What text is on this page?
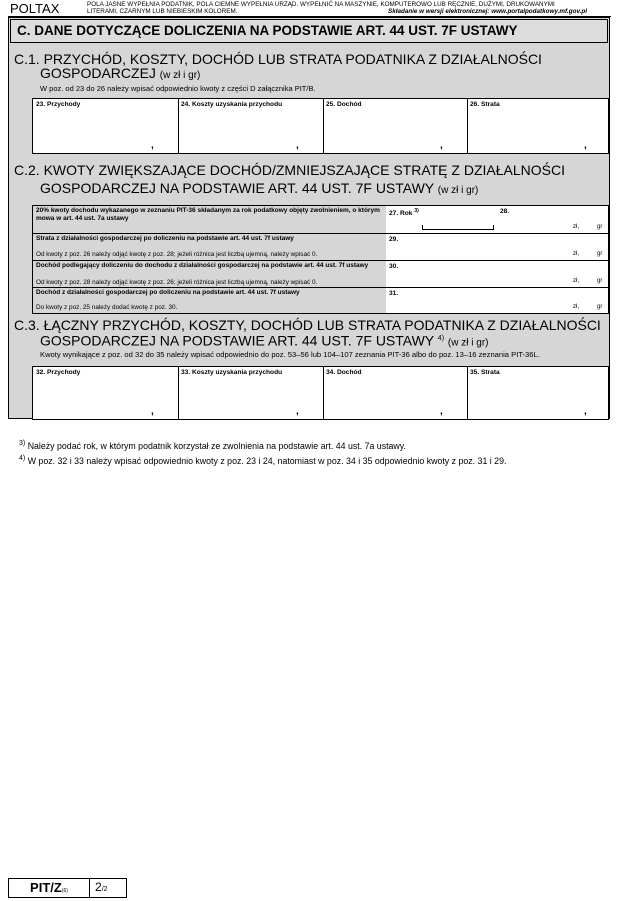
POLTAX	POLA JASNE WYPEŁNIA PODATNIK, POLA CIEMNE WYPEŁNIA URZĄD. WYPEŁNIĆ NA MASZYNIE, KOMPUTEROWO LUB RĘCZNIE, DUŻYMI, DRUKOWANYMI LITERAMI, CZARNYM LUB NIEBIESKIM KOLOREM.	Składanie w wersji elektronicznej: www.portalpodatkowy.mf.gov.pl
C. DANE DOTYCZĄCE DOLICZENIA NA PODSTAWIE ART. 44 UST. 7F USTAWY
C.1. PRZYCHÓD, KOSZTY, DOCHÓD LUB STRATA PODATNIKA Z DZIAŁALNOŚCI
GOSPODARCZEJ (w zł i gr)
W poz. od 23 do 26 należy wpisać odpowiednio kwoty z części D załącznika PIT/B.
23. Przychody
,
24. Koszty uzyskania przychodu
,
25. Dochód
,
26. Strata
,
C.2. KWOTY ZWIĘKSZAJĄCE DOCHÓD/ZMNIEJSZAJĄCE STRATĘ Z DZIAŁALNOŚCI
GOSPODARCZEJ NA PODSTAWIE ART. 44 UST. 7F USTAWY (w zł i gr)
20% kwoty dochodu wykazanego w zeznaniu PIT-36 składanym za rok podatkowy objęty zwolnieniem, o którym mowa w art. 44 ust. 7a ustawy
27. Rok $^{3)}$	28.
zł,	gr
Strata z działalności gospodarczej po doliczeniu na podstawie art. 44 ust. 7f ustawy
Od kwoty z poz. 26 należy odjąć kwotę z poz. 28; jeżeli różnica jest liczbą ujemną, należy wpisać 0.
29.
zł,	gr
Dochód podlegający doliczeniu do dochodu z działalności gospodarczej na podstawie art. 44 ust. 7f ustawy
Od kwoty z poz. 28 należy odjąć kwotę z poz. 26; jeżeli różnica jest liczbą ujemną, należy wpisać 0.
30.
zł,	gr
Dochód z działalności gospodarczej po doliczeniu na podstawie art. 44 ust. 7f ustawy
Do kwoty z poz. 25 należy dodać kwotę z poz. 30.
31.
zł,	gr
C.3. ŁĄCZNY PRZYCHÓD, KOSZTY, DOCHÓD LUB STRATA PODATNIKA Z DZIAŁALNOŚCI
GOSPODARCZEJ NA PODSTAWIE ART. 44 UST. 7F USTAWY $^{4)}$ (w zł i gr)
Kwoty wynikające z poz. od 32 do 35 należy wpisać odpowiednio do poz. 53–56 lub 104–107 zeznania PIT-36 albo do poz. 13–16 zeznania PIT-36L.
32. Przychody
,
33. Koszty uzyskania przychodu
,
34. Dochód
,
35. Strata
,
$^{3)}$ Należy podać rok, w którym podatnik korzystał ze zwolnienia na podstawie art. 44 ust. 7a ustawy.
$^{4)}$ W poz. 32 i 33 należy wpisać odpowiednio kwoty z poz. 23 i 24, natomiast w poz. 34 i 35 odpowiednio kwoty z poz. 31 i 29.
PIT/Z(6)	2/2
